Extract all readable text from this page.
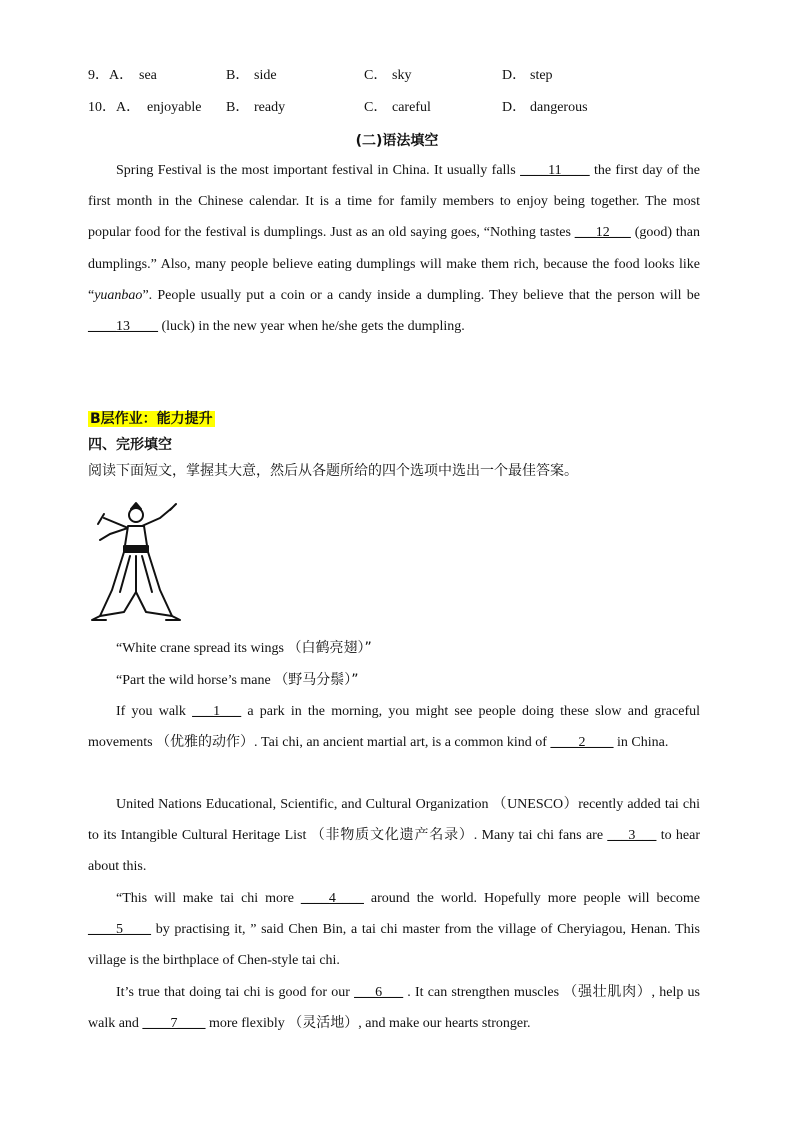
9．A． sea	B． side	C． sky	D． step
10．A． enjoyable B． ready	C． careful	D． dangerous
(二)语法填空
Spring Festival is the most important festival in China. It usually falls ____11____ the first day of the first month in the Chinese calendar. It is a time for family members to enjoy being together. The most popular food for the festival is dumplings. Just as an old saying goes, “Nothing tastes ___12___ (good) than dumplings.” Also, many people believe eating dumplings will make them rich, because the food looks like “yuanbao”. People usually put a coin or a candy inside a dumpling. They believe that the person will be ____13____ (luck) in the new year when he/she gets the dumpling.
B层作业：能力提升
四、完形填空
阅读下面短文，掌握其大意，然后从各题所给的四个选项中选出一个最佳答案。
“White crane spread its wings （白鹤亮翅）”
“Part the wild horse’s mane （野马分鬃）”
If you walk ___1___ a park in the morning, you might see people doing these slow and graceful movements （优雅的动作）. Tai chi, an ancient martial art, is a common kind of ____2____ in China.
United Nations Educational, Scientific, and Cultural Organization （UNESCO）recently added tai chi to its Intangible Cultural Heritage List （非物质文化遗产名录）. Many tai chi fans are ___3___ to hear about this.
“This will make tai chi more ____4____ around the world. Hopefully more people will become ____5____ by practising it, ” said Chen Bin, a tai chi master from the village of Cheryiagou, Henan. This village is the birthplace of Chen-style tai chi.
It’s true that doing tai chi is good for our ___6___ . It can strengthen muscles （强壮肌肉）, help us walk and ____7____ more flexibly （灵活地）, and make our hearts stronger.
